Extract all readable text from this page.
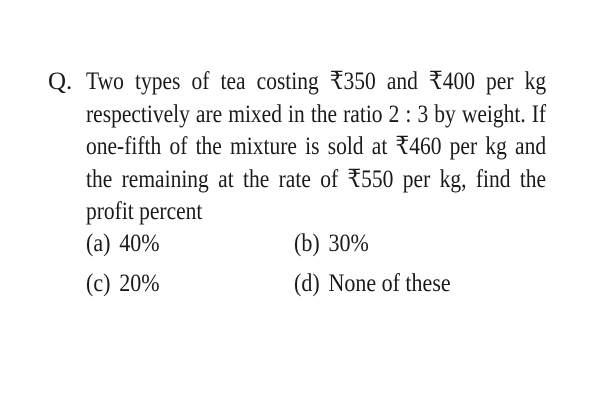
Q. Two types of tea costing ₹350 and ₹400 per kg respectively are mixed in the ratio 2 : 3 by weight. If one-fifth of the mixture is sold at ₹460 per kg and the remaining at the rate of ₹550 per kg, find the profit percent
(a) 40%	(b) 30%
(c) 20%	(d) None of these
